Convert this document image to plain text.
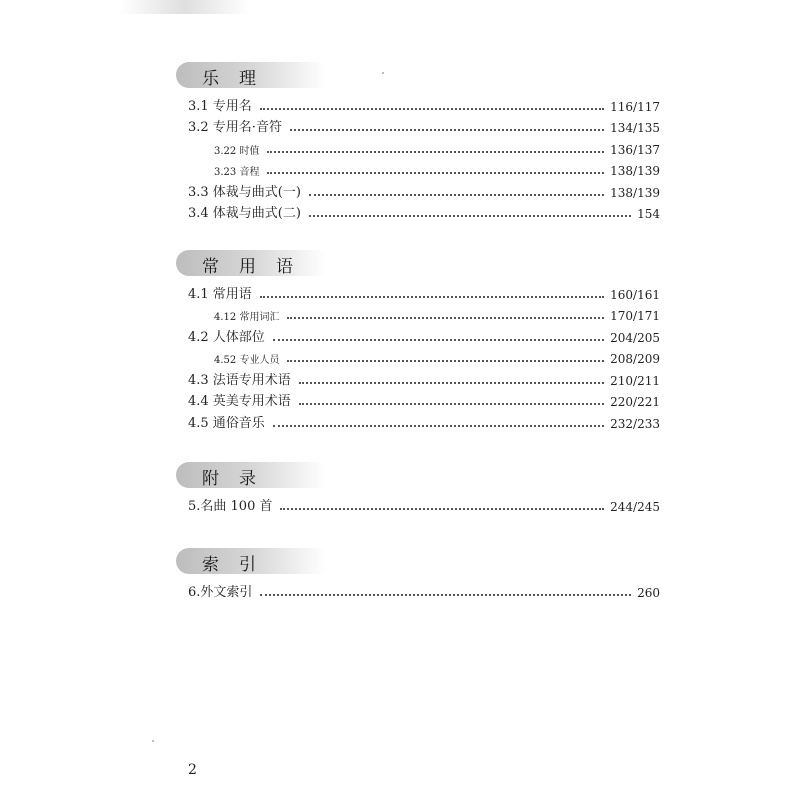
乐理
3.1 专用名	116/117
3.2 专用名·音符	134/135
3.22 时值	136/137
3.23 音程	138/139
3.3 体裁与曲式(一)	138/139
3.4 体裁与曲式(二)	154
常用语
4.1 常用语	160/161
4.12 常用词汇	170/171
4.2 人体部位	204/205
4.52 专业人员	208/209
4.3 法语专用术语	210/211
4.4 英美专用术语	220/221
4.5 通俗音乐	232/233
附录
5.名曲 100 首	244/245
索引
6.外文索引	260
2
